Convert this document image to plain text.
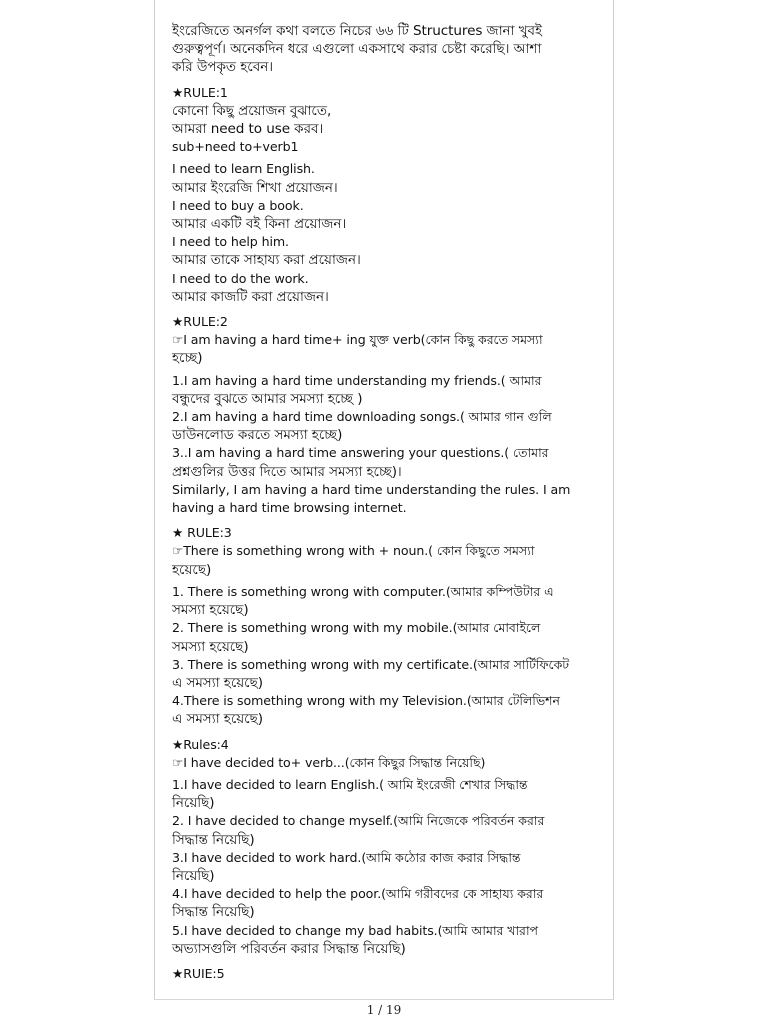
ইংরেজিতে অনর্গল কথা বলতে নিচের ৬৬ টি Structures জানা খুবই
গুরুত্বপূর্ণ। অনেকদিন ধরে এগুলো একসাথে করার চেষ্টা করেছি। আশা
করি উপকৃত হবেন।
★RULE:1
কোনো কিছু প্রয়োজন বুঝাতে,
আমরা need to use করব।
sub+need to+verb1
I need to learn English.
আমার ইংরেজি শিখা প্রয়োজন।
I need to buy a book.
আমার একটি বই কিনা প্রয়োজন।
I need to help him.
আমার তাকে সাহায্য করা প্রয়োজন।
I need to do the work.
আমার কাজটি করা প্রয়োজন।
★RULE:2
☞I am having a hard time+ ing যুক্ত verb(কোন কিছু করতে সমস্যা
হচ্ছে)
1.I am having a hard time understanding my friends.( আমার
বন্ধুদের বুঝতে আমার সমস্যা হচ্ছে )
2.I am having a hard time downloading songs.( আমার গান গুলি
ডাউনলোড করতে সমস্যা হচ্ছে)
3..I am having a hard time answering your questions.( তোমার
প্রশ্নগুলির উত্তর দিতে আমার সমস্যা হচ্ছে)।
Similarly, I am having a hard time understanding the rules. I am
having a hard time browsing internet.
★ RULE:3
☞There is something wrong with + noun.( কোন কিছুতে সমস্যা
হয়েছে)
1. There is something wrong with computer.(আমার কম্পিউটার এ
সমস্যা হয়েছে)
2. There is something wrong with my mobile.(আমার মোবাইলে
সমস্যা হয়েছে)
3. There is something wrong with my certificate.(আমার সার্টিফিকেট
এ সমস্যা হয়েছে)
4.There is something wrong with my Television.(আমার টেলিভিশন
এ সমস্যা হয়েছে)
★Rules:4
☞I have decided to+ verb...(কোন কিছুর সিদ্ধান্ত নিয়েছি)
1.I have decided to learn English.( আমি ইংরেজী শেখার সিদ্ধান্ত
নিয়েছি)
2. I have decided to change myself.(আমি নিজেকে পরিবর্তন করার
সিদ্ধান্ত নিয়েছি)
3.I have decided to work hard.(আমি কঠোর কাজ করার সিদ্ধান্ত
নিয়েছি)
4.I have decided to help the poor.(আমি গরীবদের কে সাহায্য করার
সিদ্ধান্ত নিয়েছি)
5.I have decided to change my bad habits.(আমি আমার খারাপ
অভ্যাসগুলি পরিবর্তন করার সিদ্ধান্ত নিয়েছি)
★RUIE:5
1 / 19
